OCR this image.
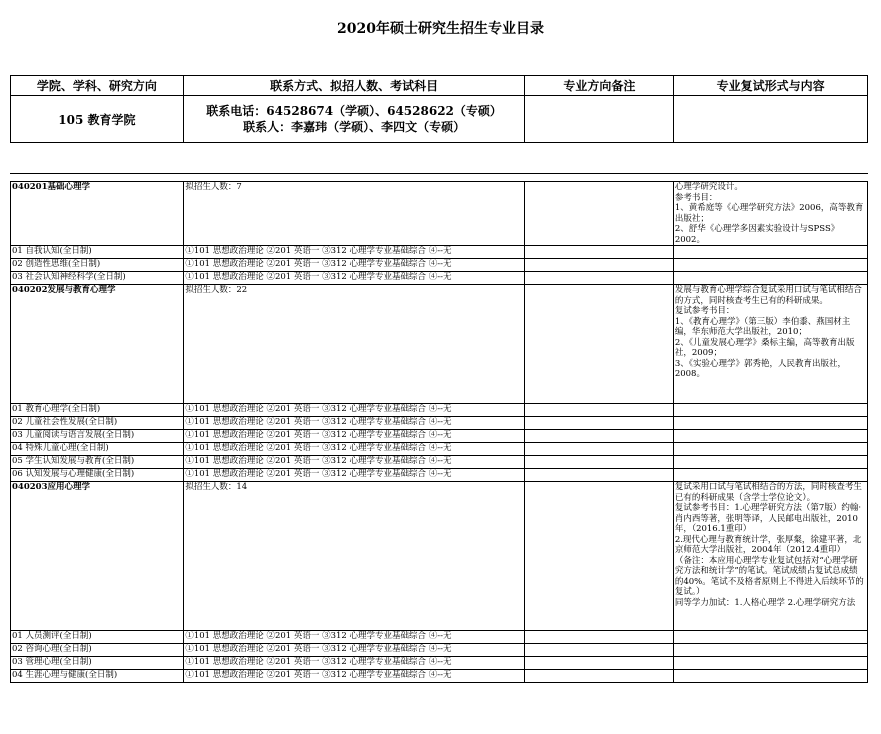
2020年硕士研究生招生专业目录
学院、学科、研究方向	联系方式、拟招人数、考试科目	专业方向备注	专业复试形式与内容
105 教育学院	联系电话：64528674（学硕）、64528622（专硕）
联系人：李嘉玮（学硕）、李四文（专硕）		

040201基础心理学	拟招生人数：7		心理学研究设计。
参考书目：
1、黄希庭等《心理学研究方法》2006，高等教育出版社；
2、舒华《心理学多因素实验设计与SPSS》2002。
01 自我认知(全日制)	①101 思想政治理论 ②201 英语一 ③312 心理学专业基础综合 ④--无		
02 创造性思维(全日制)	①101 思想政治理论 ②201 英语一 ③312 心理学专业基础综合 ④--无		
03 社会认知神经科学(全日制)	①101 思想政治理论 ②201 英语一 ③312 心理学专业基础综合 ④--无		
040202发展与教育心理学	拟招生人数：22		发展与教育心理学综合复试采用口试与笔试相结合的方式，同时核查考生已有的科研成果。
复试参考书目：
1、《教育心理学》（第三版）李伯黍、燕国材主编，华东师范大学出版社，2010；
2、《儿童发展心理学》桑标主编，高等教育出版社，2009；
3、《实验心理学》郭秀艳，人民教育出版社，2008。
01 教育心理学(全日制)	①101 思想政治理论 ②201 英语一 ③312 心理学专业基础综合 ④--无		
02 儿童社会性发展(全日制)	①101 思想政治理论 ②201 英语一 ③312 心理学专业基础综合 ④--无		
03 儿童阅读与语言发展(全日制)	①101 思想政治理论 ②201 英语一 ③312 心理学专业基础综合 ④--无		
04 特殊儿童心理(全日制)	①101 思想政治理论 ②201 英语一 ③312 心理学专业基础综合 ④--无		
05 学生认知发展与教育(全日制)	①101 思想政治理论 ②201 英语一 ③312 心理学专业基础综合 ④--无		
06 认知发展与心理健康(全日制)	①101 思想政治理论 ②201 英语一 ③312 心理学专业基础综合 ④--无		
040203应用心理学	拟招生人数：14		复试采用口试与笔试相结合的方法，同时核查考生已有的科研成果（含学士学位论文）。
复试参考书目：1.心理学研究方法（第7版）约翰·肖内西等著，张明等译，人民邮电出版社，2010年，（2016.1重印）
2.现代心理与教育统计学，张厚粲，徐建平著，北京师范大学出版社，2004年（2012.4重印）
（备注：本应用心理学专业复试包括对“心理学研究方法和统计学”的笔试。笔试成绩占复试总成绩的40%。笔试不及格者原则上不得进入后续环节的复试。）
同等学力加试：1.人格心理学 2.心理学研究方法
01 人员测评(全日制)	①101 思想政治理论 ②201 英语一 ③312 心理学专业基础综合 ④--无		
02 咨询心理(全日制)	①101 思想政治理论 ②201 英语一 ③312 心理学专业基础综合 ④--无		
03 管理心理(全日制)	①101 思想政治理论 ②201 英语一 ③312 心理学专业基础综合 ④--无		
04 生涯心理与健康(全日制)	①101 思想政治理论 ②201 英语一 ③312 心理学专业基础综合 ④--无		
